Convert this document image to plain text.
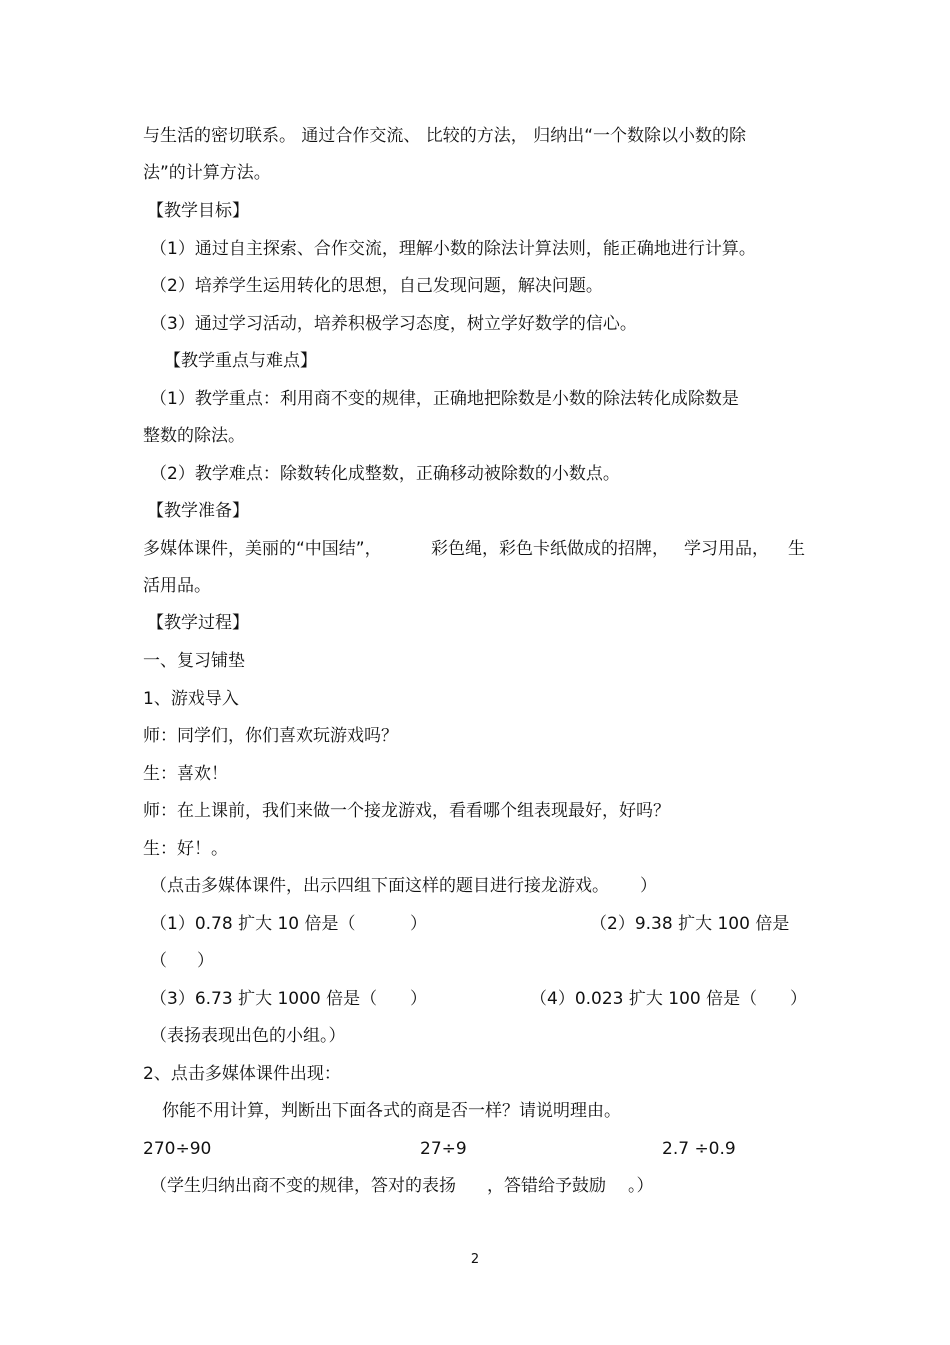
与生活的密切联系。 通过合作交流、 比较的方法， 归纳出“一个数除以小数的除
法”的计算方法。
【教学目标】
（1）通过自主探索、合作交流，理解小数的除法计算法则，能正确地进行计算。
（2）培养学生运用转化的思想，自己发现问题，解决问题。
（3）通过学习活动，培养积极学习态度，树立学好数学的信心。
【教学重点与难点】
（1）教学重点：利用商不变的规律，正确地把除数是小数的除法转化成除数是
整数的除法。
（2）教学难点：除数转化成整数，正确移动被除数的小数点。
【教学准备】
多媒体课件，美丽的“中国结”，	彩色绳，彩色卡纸做成的招牌， 学习用品， 生
活用品。
【教学过程】
一、复习铺垫
1、游戏导入
师：同学们，你们喜欢玩游戏吗？
生：喜欢！
师：在上课前，我们来做一个接龙游戏，看看哪个组表现最好，好吗？
生：好！。
（点击多媒体课件，出示四组下面这样的题目进行接龙游戏。 ）
（1）0.78 扩大 10 倍是（	）	（2）9.38 扩大 100 倍是
（ ）
（3）6.73 扩大 1000 倍是（ ）	（4）0.023 扩大 100 倍是（ ）
（表扬表现出色的小组。）
2、点击多媒体课件出现：
你能不用计算，判断出下面各式的商是否一样？请说明理由。
270÷90	27÷9	2.7 ÷0.9
（学生归纳出商不变的规律，答对的表扬 ，答错给予鼓励 。）
2
